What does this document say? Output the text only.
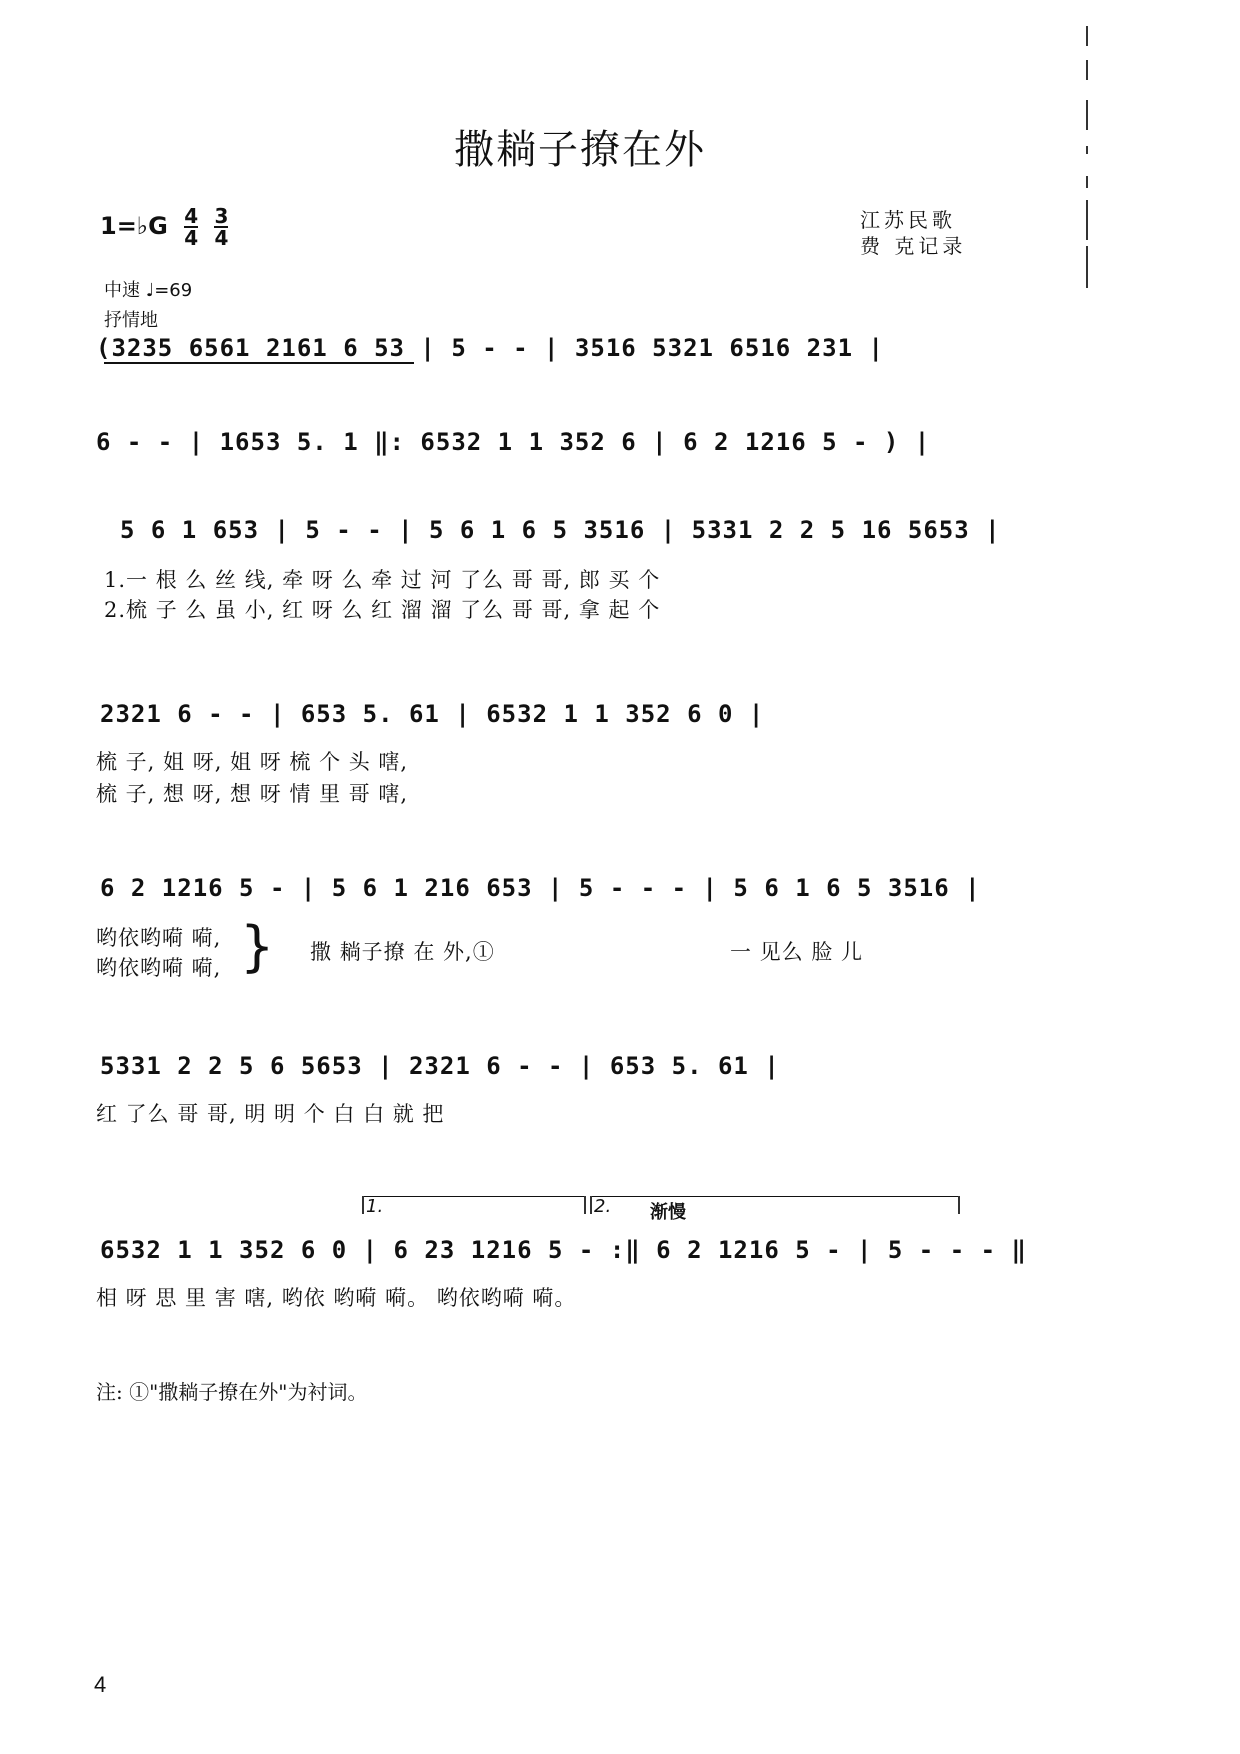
撒耥子撩在外
江苏民歌
费 克记录
1=♭G $\frac{4}{4} \frac{3}{4}$
中速 ♩=69
抒情地
(3235 6561 2161 6 53 | 5 - - | 3516 5321 6516 231 |
6 - - | 1653 5. 1 ‖: 6532 1 1 352 6 | 6 2 1216 5 - ) |
5 6 1 653 | 5 - - | 5 6 1 6 5 3516 | 5331 2 2 5 16 5653 |
1.一 根 么 丝 线, 牵 呀 么 牵 过 河 了么 哥 哥, 郎 买 个
2.梳 子 么 虽 小, 红 呀 么 红 溜 溜 了么 哥 哥, 拿 起 个
2321 6 - - | 653 5. 61 | 6532 1 1 352 6 0 |
梳 子, 姐 呀, 姐 呀 梳 个 头 嗐,
梳 子, 想 呀, 想 呀 情 里 哥 嗐,
6 2 1216 5 - | 5 6 1 216 653 | 5 - - - | 5 6 1 6 5 3516 |
哟依哟嗬 嗬,
哟依哟嗬 嗬, } 撒 耥子撩 在 外,①	一 见么 脸 儿
5331 2 2 5 6 5653 | 2321 6 - - | 653 5. 61 |
红 了么 哥 哥, 明 明 个 白 白 就 把
1.	2. 渐慢
6532 1 1 352 6 0 | 6 23 1216 5 - :‖ 6 2 1216 5 - | 5 - - - ‖
相 呀 思 里 害 嗐, 哟依 哟嗬 嗬。 哟依哟嗬 嗬。
注: ①"撒耥子撩在外"为衬词。
4
